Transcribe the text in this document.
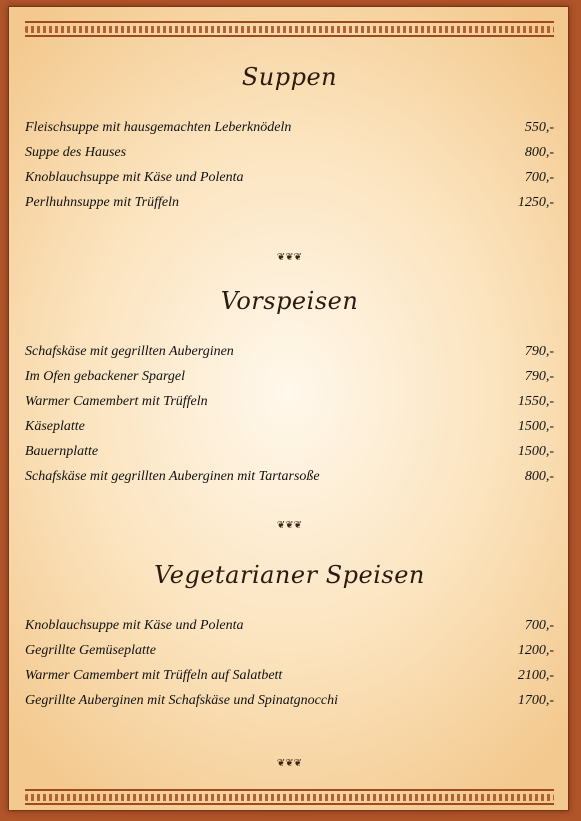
Suppen
Fleischsuppe mit hausgemachten Leberknödeln	550,-
Suppe des Hauses	800,-
Knoblauchsuppe mit Käse und Polenta	700,-
Perlhuhnsuppe mit Trüffeln	1250,-
❦❦❦
Vorspeisen
Schafskäse mit gegrillten Auberginen	790,-
Im Ofen gebackener Spargel	790,-
Warmer Camembert mit Trüffeln	1550,-
Käseplatte	1500,-
Bauernplatte	1500,-
Schafskäse mit gegrillten Auberginen mit Tartarsoße	800,-
❦❦❦
Vegetarianer Speisen
Knoblauchsuppe mit Käse und Polenta	700,-
Gegrillte Gemüseplatte	1200,-
Warmer Camembert mit Trüffeln auf Salatbett	2100,-
Gegrillte Auberginen mit Schafskäse und Spinatgnocchi	1700,-
❦❦❦
